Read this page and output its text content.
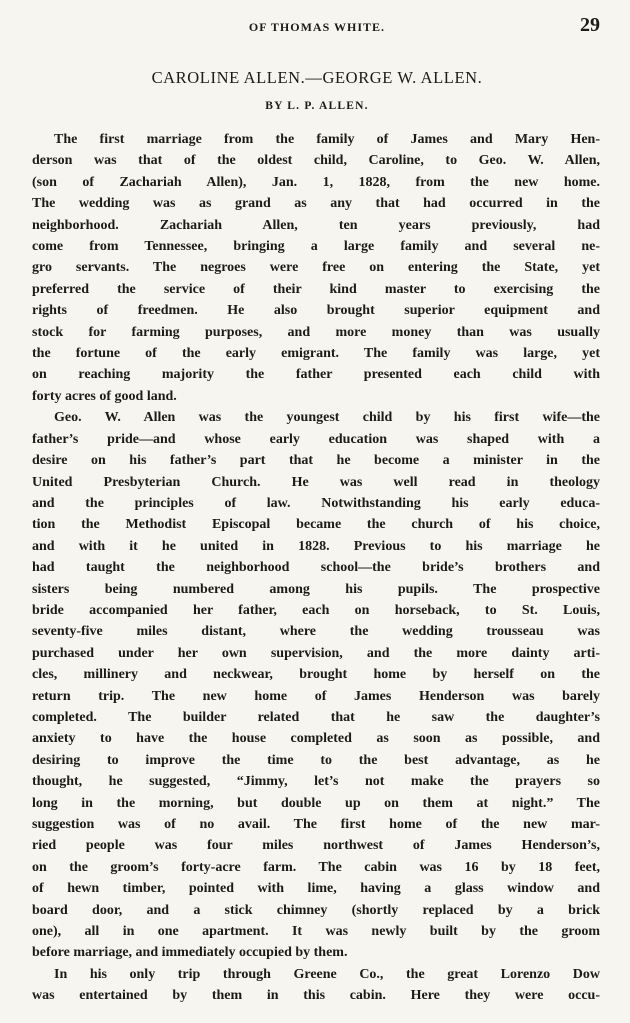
OF THOMAS WHITE.	29
CAROLINE ALLEN.—GEORGE W. ALLEN.
BY L. P. ALLEN.
The first marriage from the family of James and Mary Hen-
derson was that of the oldest child, Caroline, to Geo. W. Allen,
(son of Zachariah Allen), Jan. 1, 1828, from the new home.
The wedding was as grand as any that had occurred in the
neighborhood. Zachariah Allen, ten years previously, had
come from Tennessee, bringing a large family and several ne-
gro servants. The negroes were free on entering the State, yet
preferred the service of their kind master to exercising the
rights of freedmen. He also brought superior equipment and
stock for farming purposes, and more money than was usually
the fortune of the early emigrant. The family was large, yet
on reaching majority the father presented each child with
forty acres of good land.
Geo. W. Allen was the youngest child by his first wife—the
father’s pride—and whose early education was shaped with a
desire on his father’s part that he become a minister in the
United Presbyterian Church. He was well read in theology
and the principles of law. Notwithstanding his early educa-
tion the Methodist Episcopal became the church of his choice,
and with it he united in 1828. Previous to his marriage he
had taught the neighborhood school—the bride’s brothers and
sisters being numbered among his pupils. The prospective
bride accompanied her father, each on horseback, to St. Louis,
seventy-five miles distant, where the wedding trousseau was
purchased under her own supervision, and the more dainty arti-
cles, millinery and neckwear, brought home by herself on the
return trip. The new home of James Henderson was barely
completed. The builder related that he saw the daughter’s
anxiety to have the house completed as soon as possible, and
desiring to improve the time to the best advantage, as he
thought, he suggested, “Jimmy, let’s not make the prayers so
long in the morning, but double up on them at night.” The
suggestion was of no avail. The first home of the new mar-
ried people was four miles northwest of James Henderson’s,
on the groom’s forty-acre farm. The cabin was 16 by 18 feet,
of hewn timber, pointed with lime, having a glass window and
board door, and a stick chimney (shortly replaced by a brick
one), all in one apartment. It was newly built by the groom
before marriage, and immediately occupied by them.
In his only trip through Greene Co., the great Lorenzo Dow
was entertained by them in this cabin. Here they were occu-
